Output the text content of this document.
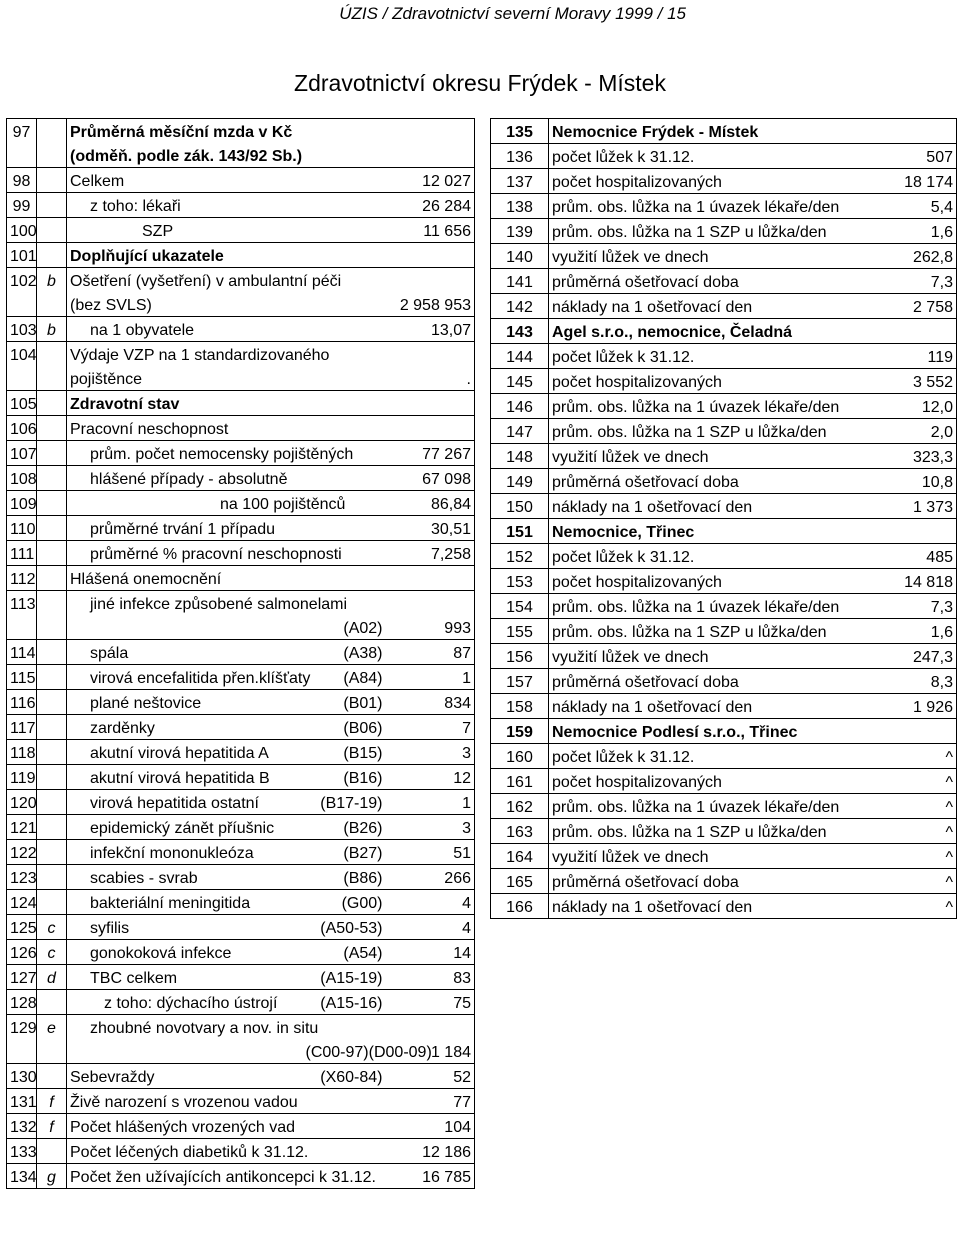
ÚZIS / Zdravotnictví severní Moravy 1999 / 15
Zdravotnictví okresu Frýdek - Místek
97		Průměrná měsíční mzda v Kč		
		(odměň. podle zák. 143/92 Sb.)		
98		Celkem		12 027
99		z toho: lékaři		26 284
100		SZP		11 656
101		Doplňující ukazatele		
102	b	Ošetření (vyšetření) v ambulantní péči		
		(bez SVLS)		2 958 953
103	b	na 1 obyvatele		13,07
104		Výdaje VZP na 1 standardizovaného		
		pojištěnce		.
105		Zdravotní stav		
106		Pracovní neschopnost		
107		prům. počet nemocensky pojištěných		77 267
108		hlášené případy - absolutně		67 098
109		na 100 pojištěnců		86,84
110		průměrné trvání 1 případu		30,51
111		průměrné % pracovní neschopnosti		7,258
112		Hlášená onemocnění		
113		jiné infekce způsobené salmonelami		
			(A02)	993
114		spála	(A38)	87
115		virová encefalitida přen.klíšťaty	(A84)	1
116		plané neštovice	(B01)	834
117		zarděnky	(B06)	7
118		akutní virová hepatitida A	(B15)	3
119		akutní virová hepatitida B	(B16)	12
120		virová hepatitida ostatní	(B17-19)	1
121		epidemický zánět příušnic	(B26)	3
122		infekční mononukleóza	(B27)	51
123		scabies - svrab	(B86)	266
124		bakteriální meningitida	(G00)	4
125	c	syfilis	(A50-53)	4
126	c	gonokoková infekce	(A54)	14
127	d	TBC celkem	(A15-19)	83
128		z toho: dýchacího ústrojí	(A15-16)	75
129	e	zhoubné novotvary a nov. in situ		
			(C00-97)(D00-09)	1 184
130		Sebevraždy	(X60-84)	52
131	f	Živě narození s vrozenou vadou		77
132	f	Počet hlášených vrozených vad		104
133		Počet léčených diabetiků k 31.12.		12 186
134	g	Počet žen užívajících antikoncepci k 31.12.		16 785
135	Nemocnice Frýdek - Místek	
136	počet lůžek k 31.12.	507
137	počet hospitalizovaných	18 174
138	prům. obs. lůžka na 1 úvazek lékaře/den	5,4
139	prům. obs. lůžka na 1 SZP u lůžka/den	1,6
140	využití lůžek ve dnech	262,8
141	průměrná ošetřovací doba	7,3
142	náklady na 1 ošetřovací den	2 758
143	Agel s.r.o., nemocnice, Čeladná	
144	počet lůžek k 31.12.	119
145	počet hospitalizovaných	3 552
146	prům. obs. lůžka na 1 úvazek lékaře/den	12,0
147	prům. obs. lůžka na 1 SZP u lůžka/den	2,0
148	využití lůžek ve dnech	323,3
149	průměrná ošetřovací doba	10,8
150	náklady na 1 ošetřovací den	1 373
151	Nemocnice, Třinec	
152	počet lůžek k 31.12.	485
153	počet hospitalizovaných	14 818
154	prům. obs. lůžka na 1 úvazek lékaře/den	7,3
155	prům. obs. lůžka na 1 SZP u lůžka/den	1,6
156	využití lůžek ve dnech	247,3
157	průměrná ošetřovací doba	8,3
158	náklady na 1 ošetřovací den	1 926
159	Nemocnice Podlesí s.r.o., Třinec	
160	počet lůžek k 31.12.	^
161	počet hospitalizovaných	^
162	prům. obs. lůžka na 1 úvazek lékaře/den	^
163	prům. obs. lůžka na 1 SZP u lůžka/den	^
164	využití lůžek ve dnech	^
165	průměrná ošetřovací doba	^
166	náklady na 1 ošetřovací den	^
